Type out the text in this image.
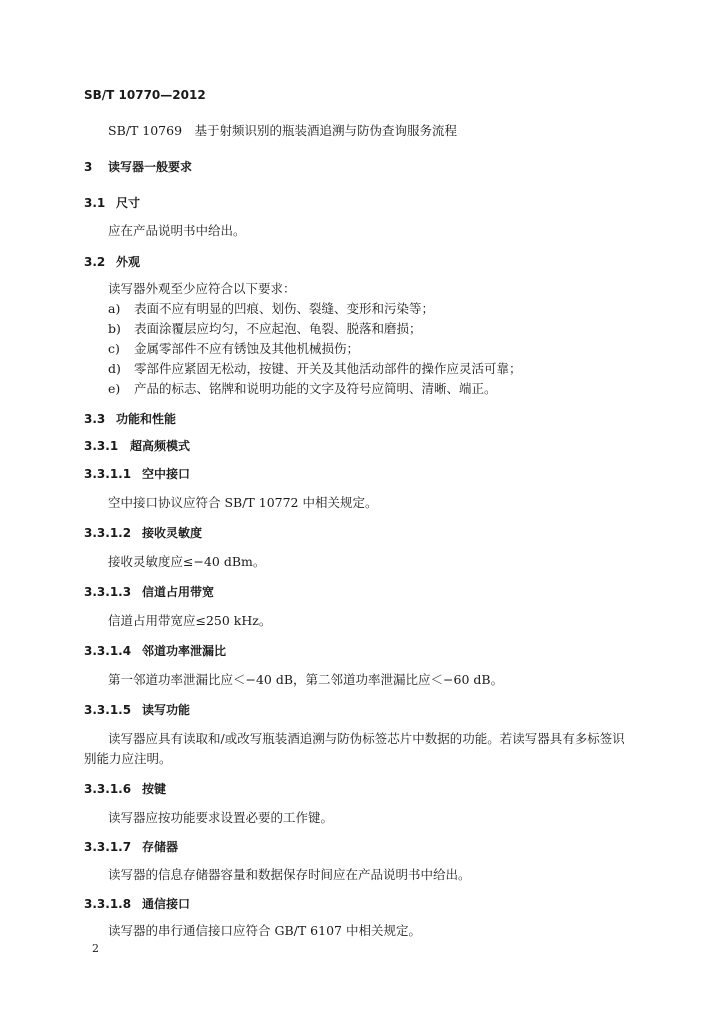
SB/T 10770—2012
SB/T 10769　基于射频识别的瓶装酒追溯与防伪查询服务流程
3 读写器一般要求
3.1 尺寸
应在产品说明书中给出。
3.2 外观
读写器外观至少应符合以下要求：
a) 表面不应有明显的凹痕、划伤、裂缝、变形和污染等；
b) 表面涂覆层应均匀，不应起泡、龟裂、脱落和磨损；
c) 金属零部件不应有锈蚀及其他机械损伤；
d) 零部件应紧固无松动，按键、开关及其他活动部件的操作应灵活可靠；
e) 产品的标志、铭牌和说明功能的文字及符号应简明、清晰、端正。
3.3 功能和性能
3.3.1 超高频模式
3.3.1.1 空中接口
空中接口协议应符合 SB/T 10772 中相关规定。
3.3.1.2 接收灵敏度
接收灵敏度应≤−40 dBm。
3.3.1.3 信道占用带宽
信道占用带宽应≤250 kHz。
3.3.1.4 邻道功率泄漏比
第一邻道功率泄漏比应＜−40 dB，第二邻道功率泄漏比应＜−60 dB。
3.3.1.5 读写功能
读写器应具有读取和/或改写瓶装酒追溯与防伪标签芯片中数据的功能。若读写器具有多标签识
别能力应注明。
3.3.1.6 按键
读写器应按功能要求设置必要的工作键。
3.3.1.7 存储器
读写器的信息存储器容量和数据保存时间应在产品说明书中给出。
3.3.1.8 通信接口
读写器的串行通信接口应符合 GB/T 6107 中相关规定。
2
